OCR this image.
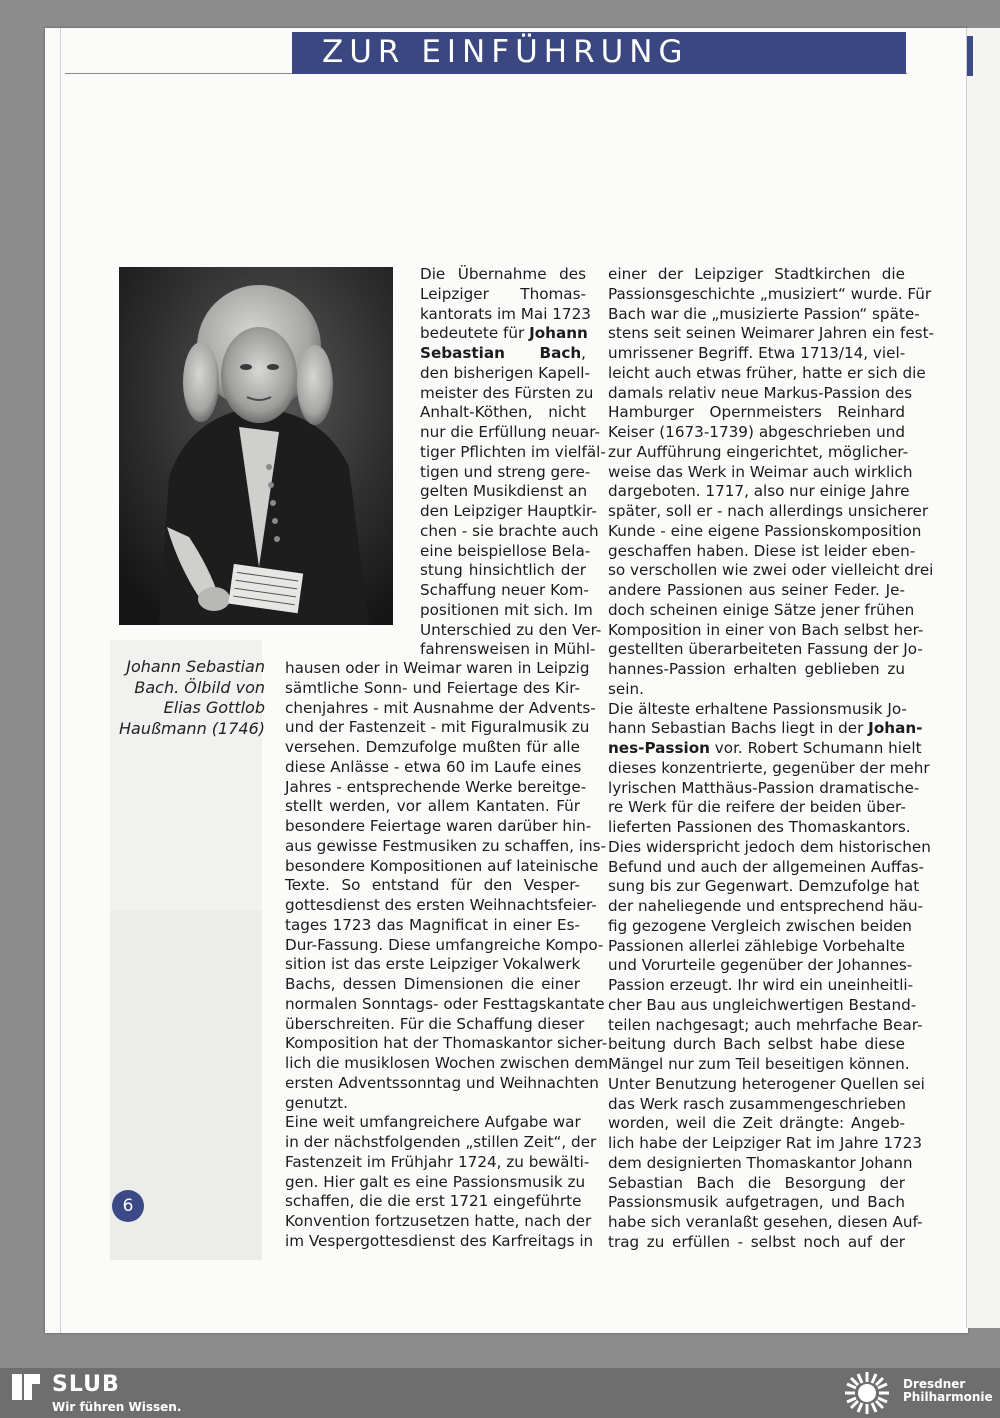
ZUR EINFÜHRUNG
Johann Sebastian
Bach. Ölbild von
Elias Gottlob
Haußmann (1746)
Die Übernahme des
Leipziger Thomas-
kantorats im Mai 1723
bedeutete für Johann
Sebastian Bach,
den bisherigen Kapell-
meister des Fürsten zu
Anhalt-Köthen, nicht
nur die Erfüllung neuar-
tiger Pflichten im vielfäl-
tigen und streng gere-
gelten Musikdienst an
den Leipziger Hauptkir-
chen - sie brachte auch
eine beispiellose Bela-
stung hinsichtlich der
Schaffung neuer Kom-
positionen mit sich. Im
Unterschied zu den Ver-
fahrensweisen in Mühl-
hausen oder in Weimar waren in Leipzig
sämtliche Sonn- und Feiertage des Kir-
chenjahres - mit Ausnahme der Advents-
und der Fastenzeit - mit Figuralmusik zu
versehen. Demzufolge mußten für alle
diese Anlässe - etwa 60 im Laufe eines
Jahres - entsprechende Werke bereitge-
stellt werden, vor allem Kantaten. Für
besondere Feiertage waren darüber hin-
aus gewisse Festmusiken zu schaffen, ins-
besondere Kompositionen auf lateinische
Texte. So entstand für den Vesper-
gottesdienst des ersten Weihnachtsfeier-
tages 1723 das Magnificat in einer Es-
Dur-Fassung. Diese umfangreiche Kompo-
sition ist das erste Leipziger Vokalwerk
Bachs, dessen Dimensionen die einer
normalen Sonntags- oder Festtagskantate
überschreiten. Für die Schaffung dieser
Komposition hat der Thomaskantor sicher-
lich die musiklosen Wochen zwischen dem
ersten Adventssonntag und Weihnachten
genutzt.
Eine weit umfangreichere Aufgabe war
in der nächstfolgenden „stillen Zeit“, der
Fastenzeit im Frühjahr 1724, zu bewälti-
gen. Hier galt es eine Passionsmusik zu
schaffen, die die erst 1721 eingeführte
Konvention fortzusetzen hatte, nach der
im Vespergottesdienst des Karfreitags in
einer der Leipziger Stadtkirchen die
Passionsgeschichte „musiziert“ wurde. Für
Bach war die „musizierte Passion“ späte-
stens seit seinen Weimarer Jahren ein fest-
umrissener Begriff. Etwa 1713/14, viel-
leicht auch etwas früher, hatte er sich die
damals relativ neue Markus-Passion des
Hamburger Opernmeisters Reinhard
Keiser (1673-1739) abgeschrieben und
zur Aufführung eingerichtet, möglicher-
weise das Werk in Weimar auch wirklich
dargeboten. 1717, also nur einige Jahre
später, soll er - nach allerdings unsicherer
Kunde - eine eigene Passionskomposition
geschaffen haben. Diese ist leider eben-
so verschollen wie zwei oder vielleicht drei
andere Passionen aus seiner Feder. Je-
doch scheinen einige Sätze jener frühen
Komposition in einer von Bach selbst her-
gestellten überarbeiteten Fassung der Jo-
hannes-Passion erhalten geblieben zu
sein.
Die älteste erhaltene Passionsmusik Jo-
hann Sebastian Bachs liegt in der Johan-
nes-Passion vor. Robert Schumann hielt
dieses konzentrierte, gegenüber der mehr
lyrischen Matthäus-Passion dramatische-
re Werk für die reifere der beiden über-
lieferten Passionen des Thomaskantors.
Dies widerspricht jedoch dem historischen
Befund und auch der allgemeinen Auffas-
sung bis zur Gegenwart. Demzufolge hat
der naheliegende und entsprechend häu-
fig gezogene Vergleich zwischen beiden
Passionen allerlei zählebige Vorbehalte
und Vorurteile gegenüber der Johannes-
Passion erzeugt. Ihr wird ein uneinheitli-
cher Bau aus ungleichwertigen Bestand-
teilen nachgesagt; auch mehrfache Bear-
beitung durch Bach selbst habe diese
Mängel nur zum Teil beseitigen können.
Unter Benutzung heterogener Quellen sei
das Werk rasch zusammengeschrieben
worden, weil die Zeit drängte: Angeb-
lich habe der Leipziger Rat im Jahre 1723
dem designierten Thomaskantor Johann
Sebastian Bach die Besorgung der
Passionsmusik aufgetragen, und Bach
habe sich veranlaßt gesehen, diesen Auf-
trag zu erfüllen - selbst noch auf der
6
SLUB
Wir führen Wissen.
Dresdner
Philharmonie
